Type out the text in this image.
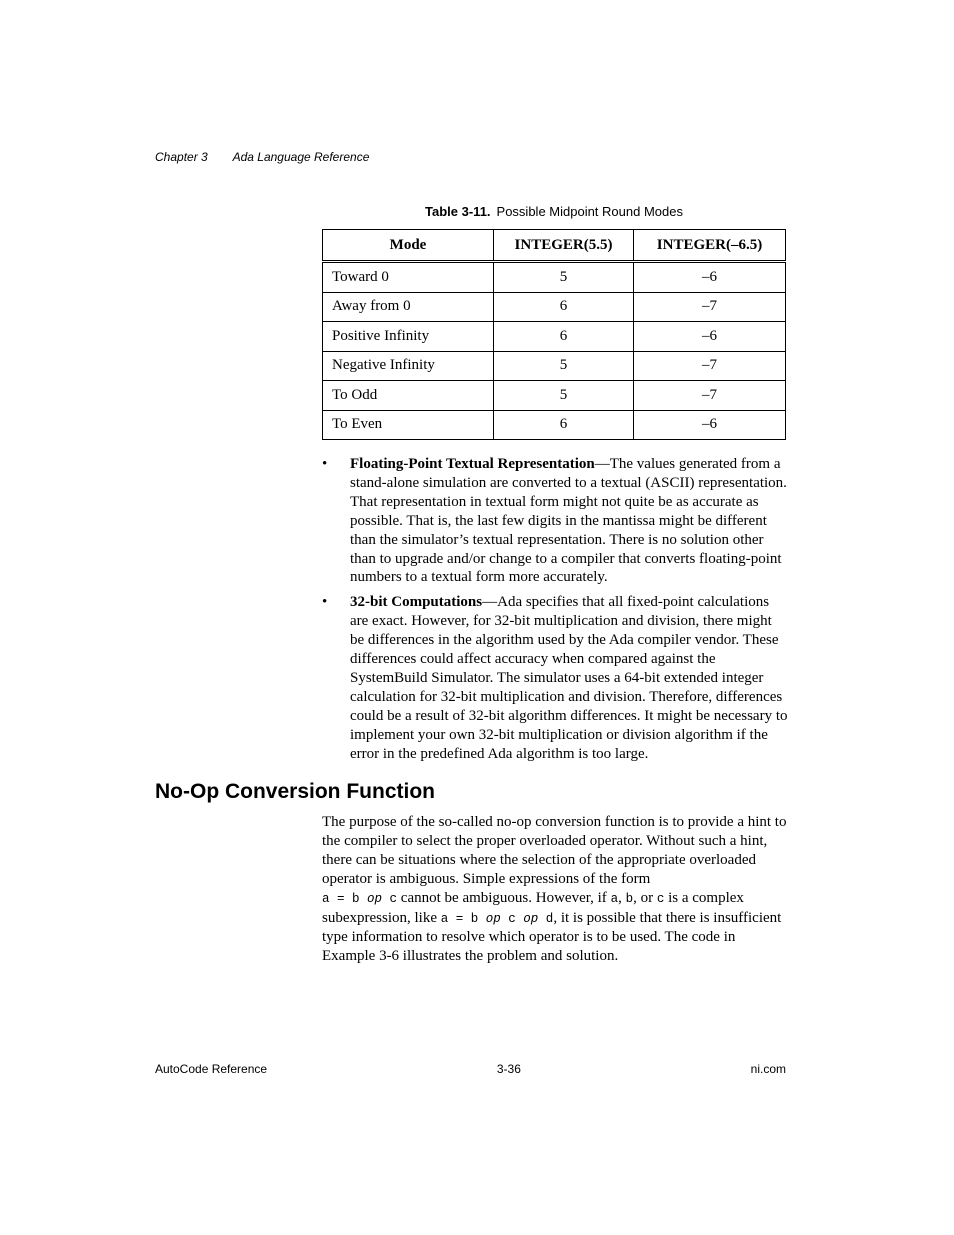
Chapter 3 Ada Language Reference
Table 3-11. Possible Midpoint Round Modes
Mode	INTEGER(5.5)	INTEGER(–6.5)
Toward 0	5	–6
Away from 0	6	–7
Positive Infinity	6	–6
Negative Infinity	5	–7
To Odd	5	–7
To Even	6	–6
•	Floating-Point Textual Representation—The values generated from a stand-alone simulation are converted to a textual (ASCII) representation. That representation in textual form might not quite be as accurate as possible. That is, the last few digits in the mantissa might be different than the simulator’s textual representation. There is no solution other than to upgrade and/or change to a compiler that converts floating-point numbers to a textual form more accurately.
•	32-bit Computations—Ada specifies that all fixed-point calculations are exact. However, for 32-bit multiplication and division, there might be differences in the algorithm used by the Ada compiler vendor. These differences could affect accuracy when compared against the SystemBuild Simulator. The simulator uses a 64-bit extended integer calculation for 32-bit multiplication and division. Therefore, differences could be a result of 32-bit algorithm differences. It might be necessary to implement your own 32-bit multiplication or division algorithm if the error in the predefined Ada algorithm is too large.
No-Op Conversion Function
The purpose of the so-called no-op conversion function is to provide a hint to the compiler to select the proper overloaded operator. Without such a hint, there can be situations where the selection of the appropriate overloaded operator is ambiguous. Simple expressions of the form
a = b op c cannot be ambiguous. However, if a, b, or c is a complex subexpression, like a = b op c op d, it is possible that there is insufficient type information to resolve which operator is to be used. The code in Example 3-6 illustrates the problem and solution.
AutoCode Reference	3-36	ni.com
